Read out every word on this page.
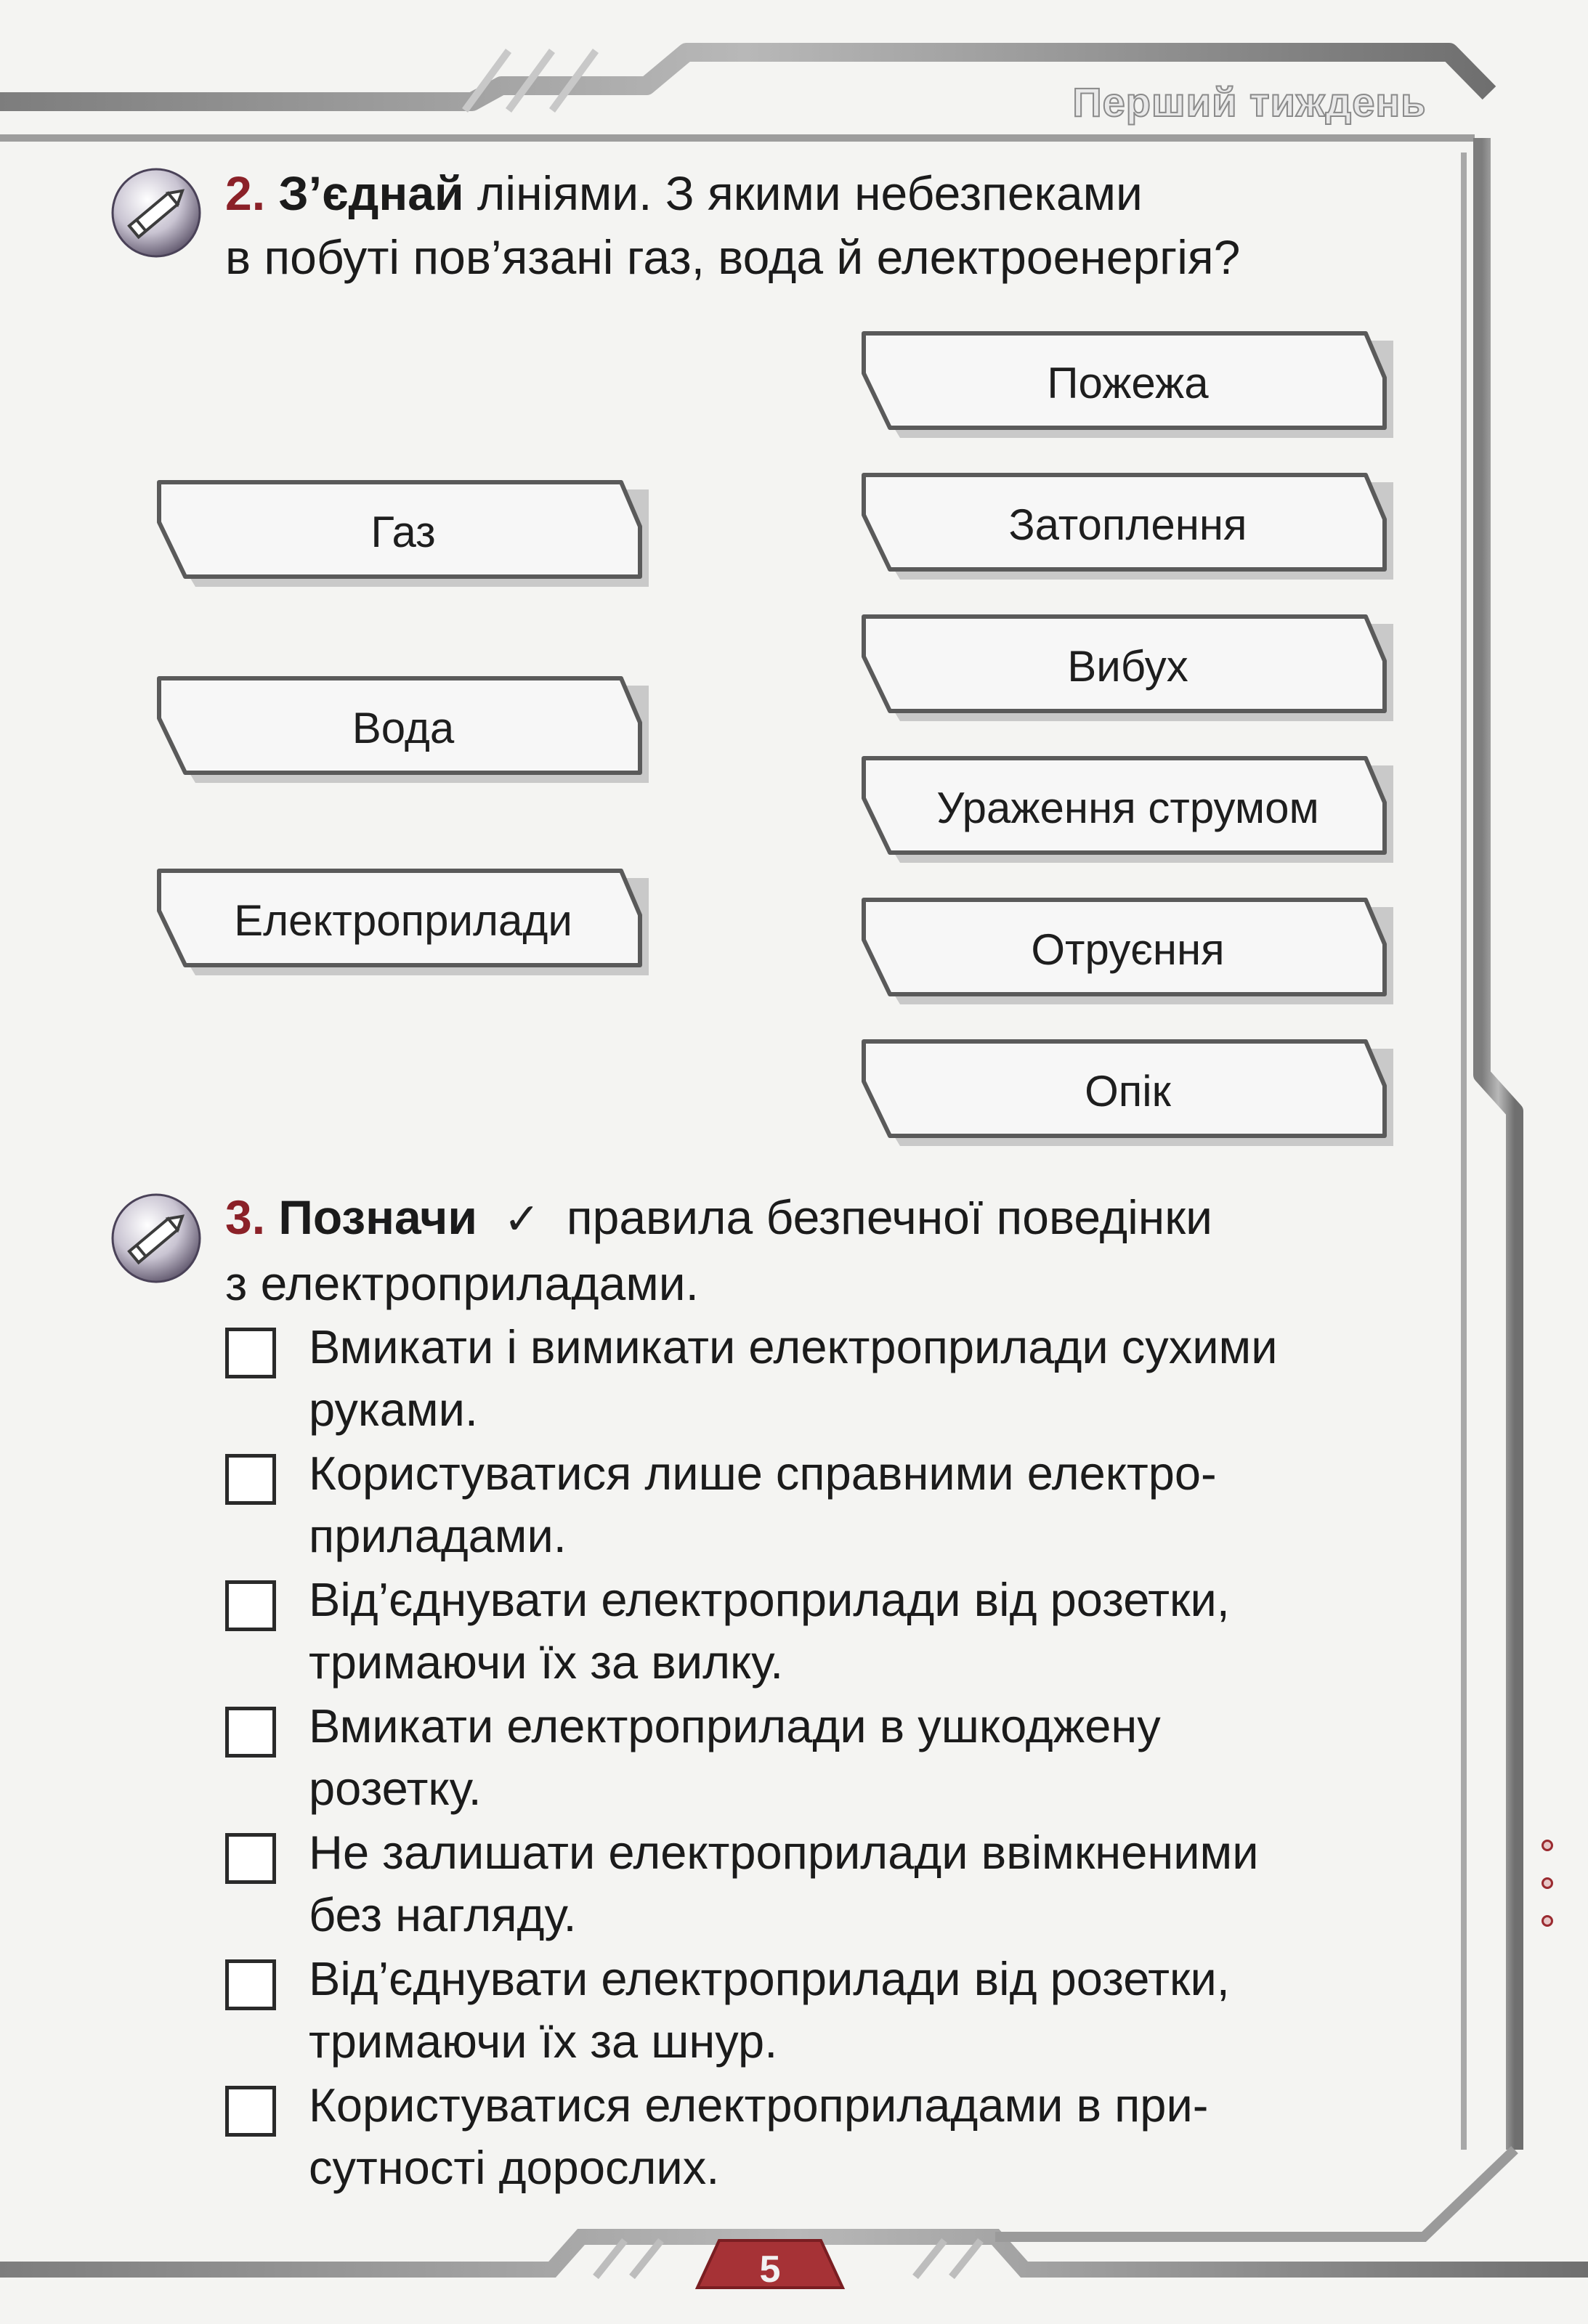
Перший тиждень
2. З’єднай лініями. З якими небезпеками
в побуті пов’язані газ, вода й електроенергія?
Газ
Вода
Електроприлади
Пожежа
Затоплення
Вибух
Ураження струмом
Отруєння
Опік
3. Позначи ✓ правила безпечної поведінки
з електроприладами.
Вмикати і вимикати електроприлади сухими
руками.
Користуватися лише справними електро-
приладами.
Від’єднувати електроприлади від розетки,
тримаючи їх за вилку.
Вмикати електроприлади в ушкоджену
розетку.
Не залишати електроприлади ввімкненими
без нагляду.
Від’єднувати електроприлади від розетки,
тримаючи їх за шнур.
Користуватися електроприладами в при-
сутності дорослих.
5
